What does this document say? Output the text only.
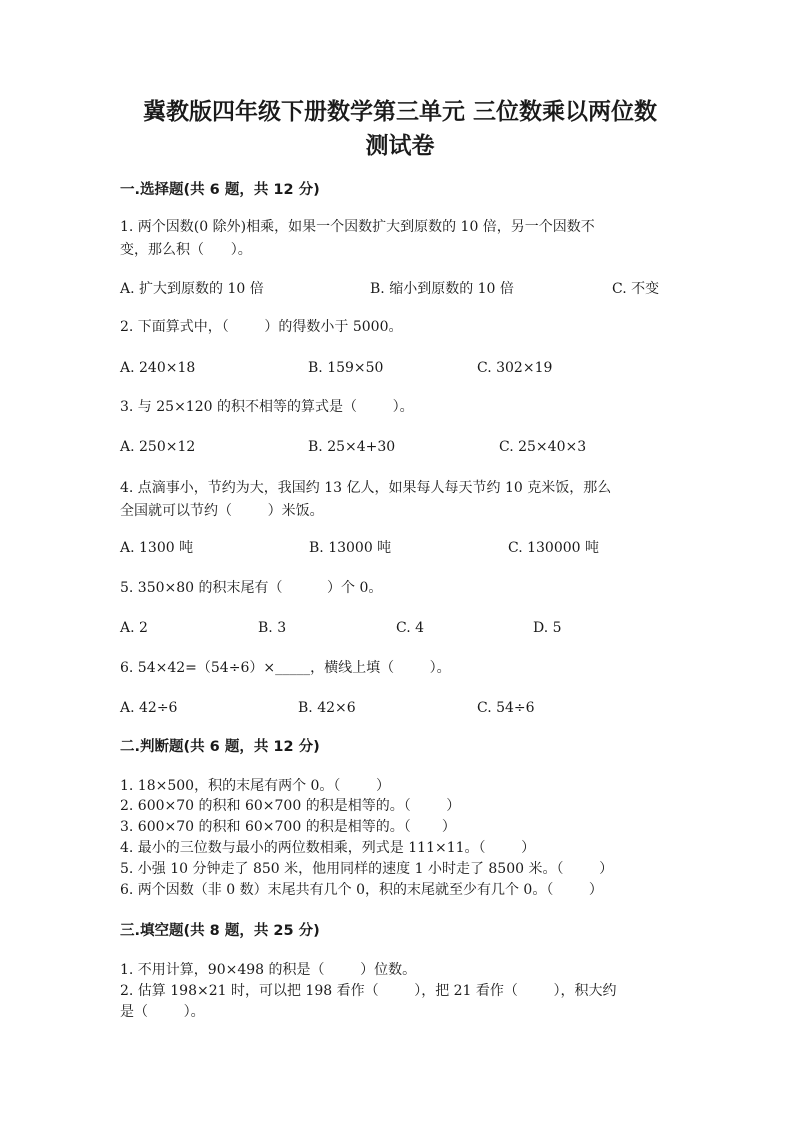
冀教版四年级下册数学第三单元 三位数乘以两位数
测试卷
一.选择题(共 6 题，共 12 分)
1. 两个因数(0 除外)相乘，如果一个因数扩大到原数的 10 倍，另一个因数不
变，那么积（      ）。
A. 扩大到原数的 10 倍	B. 缩小到原数的 10 倍	C. 不变
2. 下面算式中，（        ）的得数小于 5000。
A. 240×18	B. 159×50	C. 302×19
3. 与 25×120 的积不相等的算式是（        ）。
A. 250×12	B. 25×4+30	C. 25×40×3
4. 点滴事小，节约为大，我国约 13 亿人，如果每人每天节约 10 克米饭，那么
全国就可以节约（        ）米饭。
A. 1300 吨	B. 13000 吨	C. 130000 吨
5. 350×80 的积末尾有（          ）个 0。
A. 2	B. 3	C. 4	D. 5
6. 54×42=（54÷6）×_____，横线上填（        ）。
A. 42÷6	B. 42×6	C. 54÷6
二.判断题(共 6 题，共 12 分)
1. 18×500，积的末尾有两个 0。（        ）
2. 600×70 的积和 60×700 的积是相等的。（        ）
3. 600×70 的积和 60×700 的积是相等的。（       ）
4. 最小的三位数与最小的两位数相乘，列式是 111×11。（        ）
5. 小强 10 分钟走了 850 米，他用同样的速度 1 小时走了 8500 米。（        ）
6. 两个因数（非 0 数）末尾共有几个 0，积的末尾就至少有几个 0。（        ）
三.填空题(共 8 题，共 25 分)
1. 不用计算，90×498 的积是（        ）位数。
2. 估算 198×21 时，可以把 198 看作（        ），把 21 看作（        ），积大约
是（        ）。
